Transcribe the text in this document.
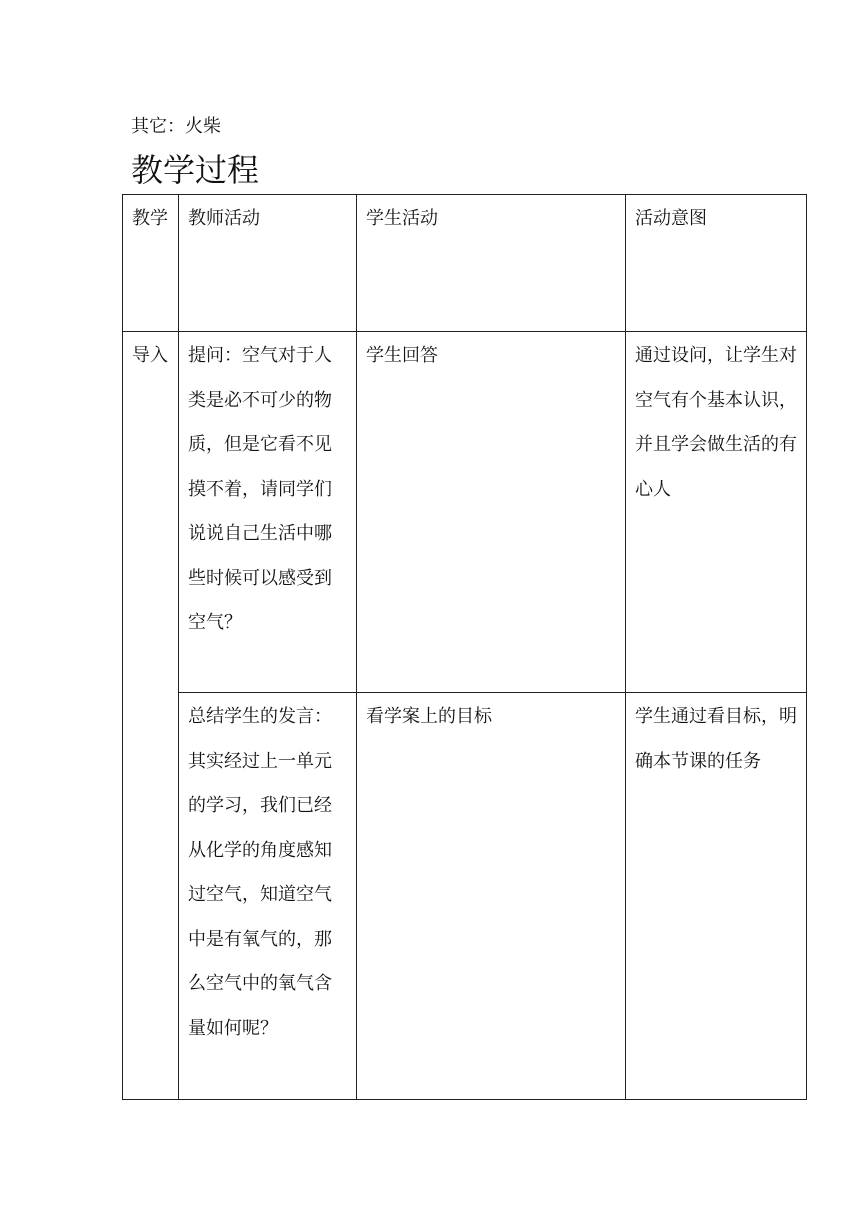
其它：火柴
教学过程
教学	教师活动	学生活动	活动意图

导入	提问：空气对于人类是必不可少的物质，但是它看不见摸不着，请同学们说说自己生活中哪些时候可以感受到空气？	学生回答	通过设问，让学生对空气有个基本认识，并且学会做生活的有心人

	总结学生的发言：其实经过上一单元的学习，我们已经从化学的角度感知过空气，知道空气中是有氧气的，那么空气中的氧气含量如何呢？	看学案上的目标	学生通过看目标，明确本节课的任务
